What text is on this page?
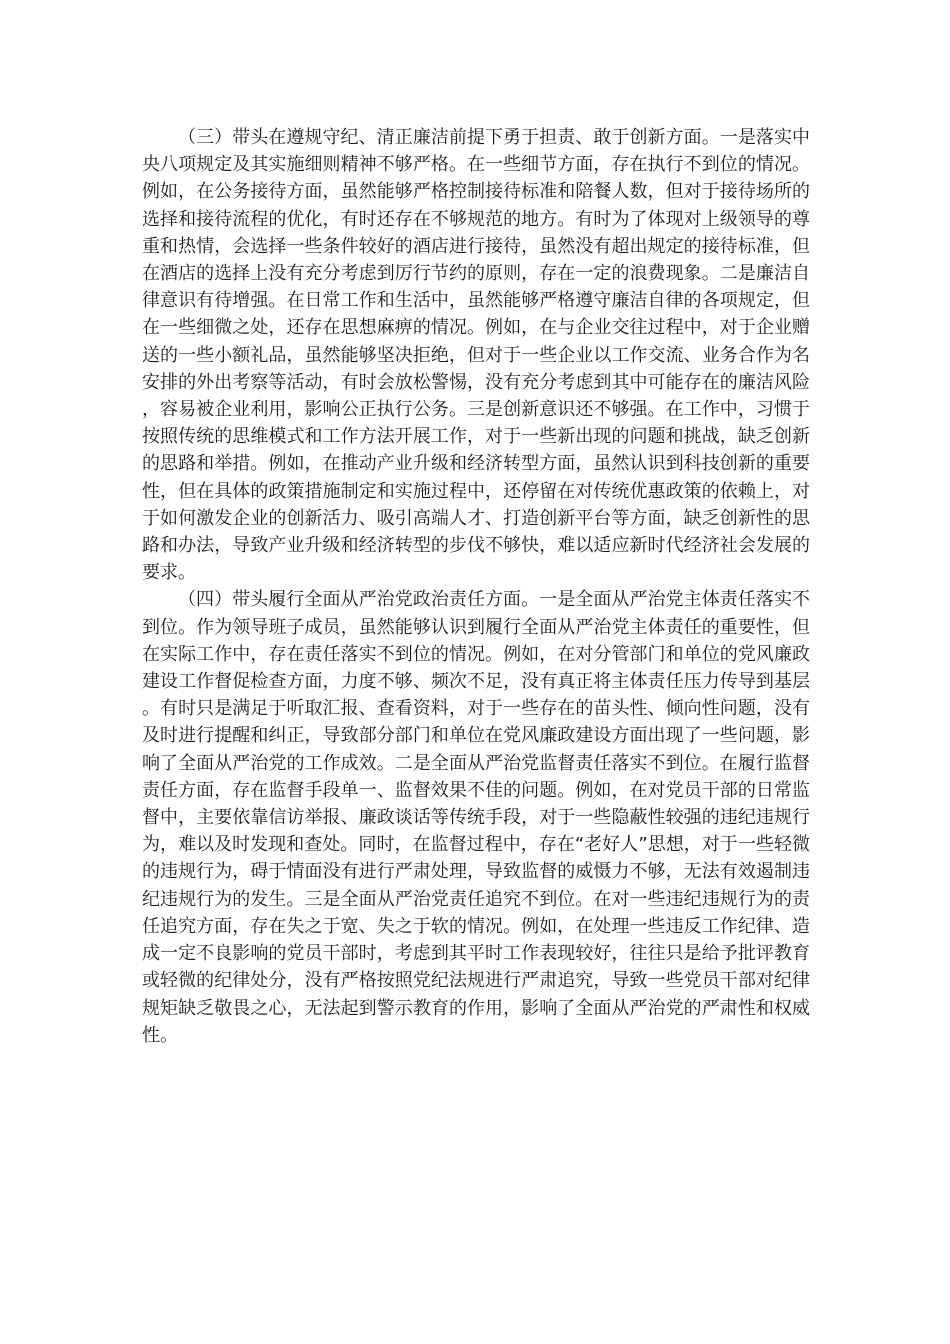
（三）带头在遵规守纪、清正廉洁前提下勇于担责、敢于创新方面。一是落实中央八项规定及其实施细则精神不够严格。在一些细节方面，存在执行不到位的情况。例如，在公务接待方面，虽然能够严格控制接待标准和陪餐人数，但对于接待场所的选择和接待流程的优化，有时还存在不够规范的地方。有时为了体现对上级领导的尊重和热情，会选择一些条件较好的酒店进行接待，虽然没有超出规定的接待标准，但在酒店的选择上没有充分考虑到厉行节约的原则，存在一定的浪费现象。二是廉洁自律意识有待增强。在日常工作和生活中，虽然能够严格遵守廉洁自律的各项规定，但在一些细微之处，还存在思想麻痹的情况。例如，在与企业交往过程中，对于企业赠送的一些小额礼品，虽然能够坚决拒绝，但对于一些企业以工作交流、业务合作为名安排的外出考察等活动，有时会放松警惕，没有充分考虑到其中可能存在的廉洁风险，容易被企业利用，影响公正执行公务。三是创新意识还不够强。在工作中，习惯于按照传统的思维模式和工作方法开展工作，对于一些新出现的问题和挑战，缺乏创新的思路和举措。例如，在推动产业升级和经济转型方面，虽然认识到科技创新的重要性，但在具体的政策措施制定和实施过程中，还停留在对传统优惠政策的依赖上，对于如何激发企业的创新活力、吸引高端人才、打造创新平台等方面，缺乏创新性的思路和办法，导致产业升级和经济转型的步伐不够快，难以适应新时代经济社会发展的要求。

（四）带头履行全面从严治党政治责任方面。一是全面从严治党主体责任落实不到位。作为领导班子成员，虽然能够认识到履行全面从严治党主体责任的重要性，但在实际工作中，存在责任落实不到位的情况。例如，在对分管部门和单位的党风廉政建设工作督促检查方面，力度不够、频次不足，没有真正将主体责任压力传导到基层。有时只是满足于听取汇报、查看资料，对于一些存在的苗头性、倾向性问题，没有及时进行提醒和纠正，导致部分部门和单位在党风廉政建设方面出现了一些问题，影响了全面从严治党的工作成效。二是全面从严治党监督责任落实不到位。在履行监督责任方面，存在监督手段单一、监督效果不佳的问题。例如，在对党员干部的日常监督中，主要依靠信访举报、廉政谈话等传统手段，对于一些隐蔽性较强的违纪违规行为，难以及时发现和查处。同时，在监督过程中，存在“老好人”思想，对于一些轻微的违规行为，碍于情面没有进行严肃处理，导致监督的威慑力不够，无法有效遏制违纪违规行为的发生。三是全面从严治党责任追究不到位。在对一些违纪违规行为的责任追究方面，存在失之于宽、失之于软的情况。例如，在处理一些违反工作纪律、造成一定不良影响的党员干部时，考虑到其平时工作表现较好，往往只是给予批评教育或轻微的纪律处分，没有严格按照党纪法规进行严肃追究，导致一些党员干部对纪律规矩缺乏敬畏之心，无法起到警示教育的作用，影响了全面从严治党的严肃性和权威性。
